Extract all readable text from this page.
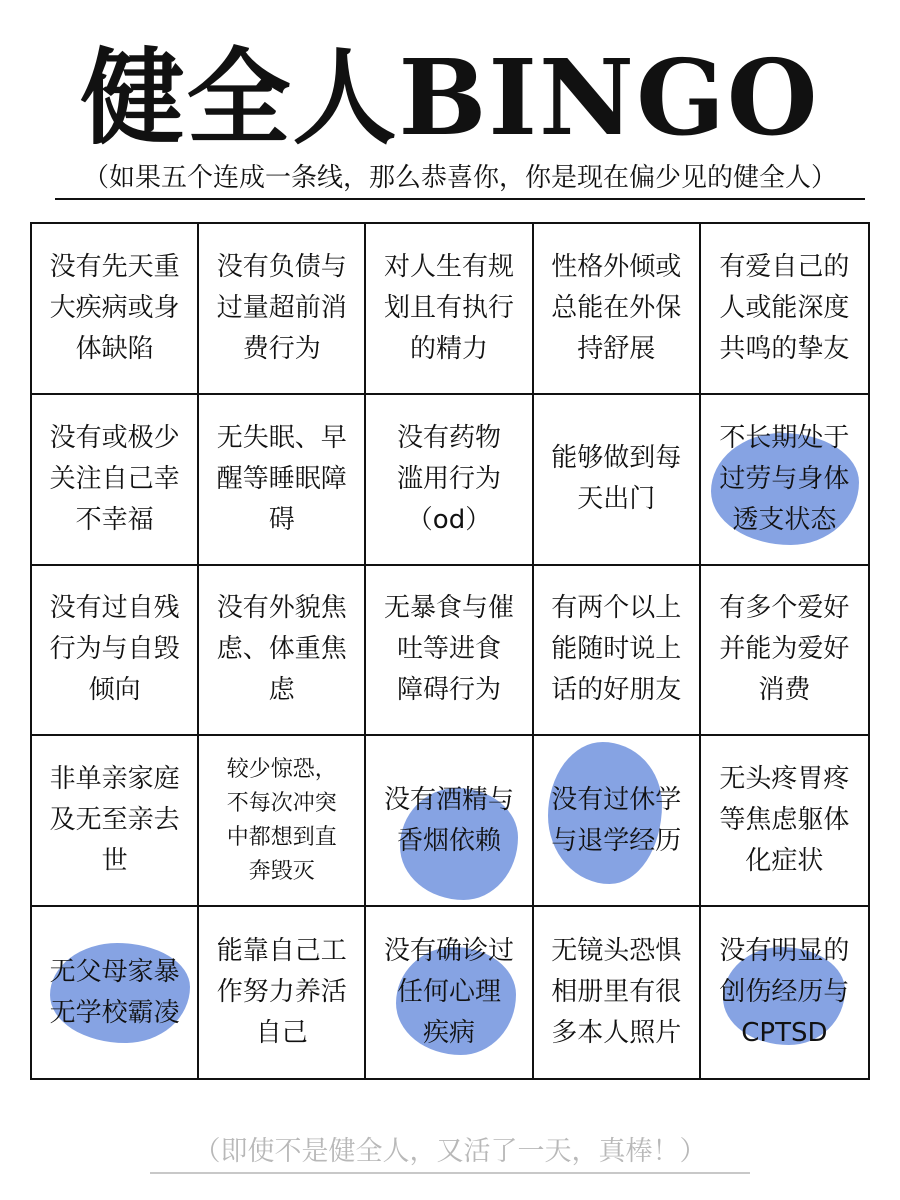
健全人BINGO
（如果五个连成一条线，那么恭喜你，你是现在偏少见的健全人）
没有先天重
大疾病或身
体缺陷
没有负债与
过量超前消
费行为
对人生有规
划且有执行
的精力
性格外倾或
总能在外保
持舒展
有爱自己的
人或能深度
共鸣的挚友
没有或极少
关注自己幸
不幸福
无失眠、早
醒等睡眠障
碍
没有药物
滥用行为
（od）
能够做到每
天出门
不长期处于
过劳与身体
透支状态
没有过自残
行为与自毁
倾向
没有外貌焦
虑、体重焦
虑
无暴食与催
吐等进食
障碍行为
有两个以上
能随时说上
话的好朋友
有多个爱好
并能为爱好
消费
非单亲家庭
及无至亲去
世
较少惊恐，
不每次冲突
中都想到直
奔毁灭
没有酒精与
香烟依赖
没有过休学
与退学经历
无头疼胃疼
等焦虑躯体
化症状
无父母家暴
无学校霸凌
能靠自己工
作努力养活
自己
没有确诊过
任何心理
疾病
无镜头恐惧
相册里有很
多本人照片
没有明显的
创伤经历与
CPTSD
（即使不是健全人，又活了一天，真棒！）
